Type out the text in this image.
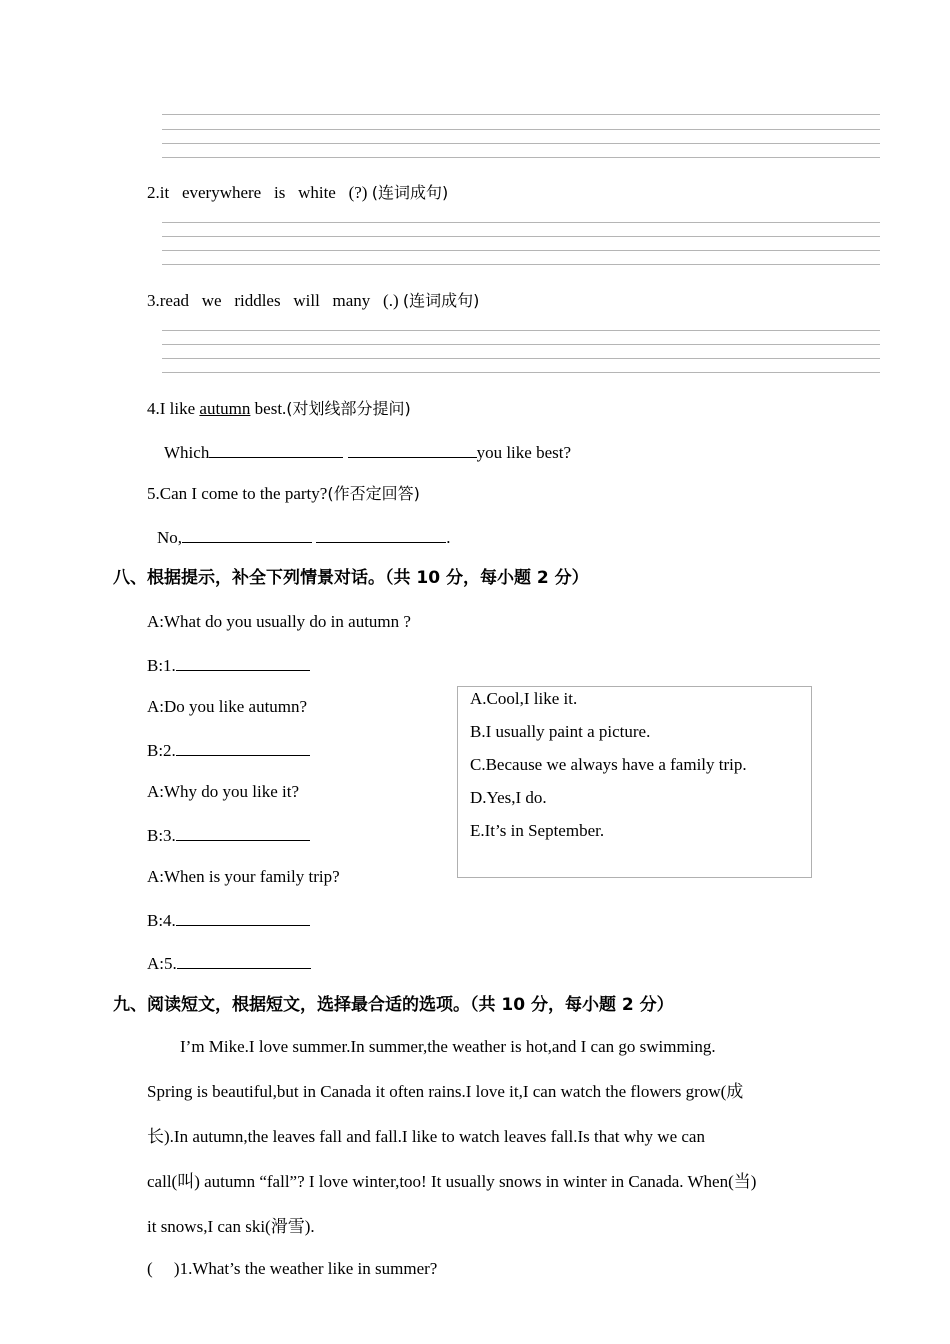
2.it   everywhere   is   white   (?) (连词成句)
3.read   we   riddles   will   many   (.) (连词成句)
4.I like autumn best.(对划线部分提问)
Which	you like best?
5.Can I come to the party?(作否定回答)
No,	.
八、根据提示，补全下列情景对话。（共 10 分，每小题 2 分）
A:What do you usually do in autumn ?
B:1.
A:Do you like autumn?
B:2.
A:Why do you like it?
B:3.
A:When is your family trip?
B:4.
A:5.
A.Cool,I like it.
B.I usually paint a picture.
C.Because we always have a family trip.
D.Yes,I do.
E.It’s in September.
九、阅读短文，根据短文，选择最合适的选项。（共 10 分，每小题 2 分）
I’m Mike.I love summer.In summer,the weather is hot,and I can go swimming.
Spring is beautiful,but in Canada it often rains.I love it,I can watch the flowers grow(成
长).In autumn,the leaves fall and fall.I like to watch leaves fall.Is that why we can
call(叫) autumn “fall”? I love winter,too! It usually snows in winter in Canada. When(当)
it snows,I can ski(滑雪).
(     )1.What’s the weather like in summer?
